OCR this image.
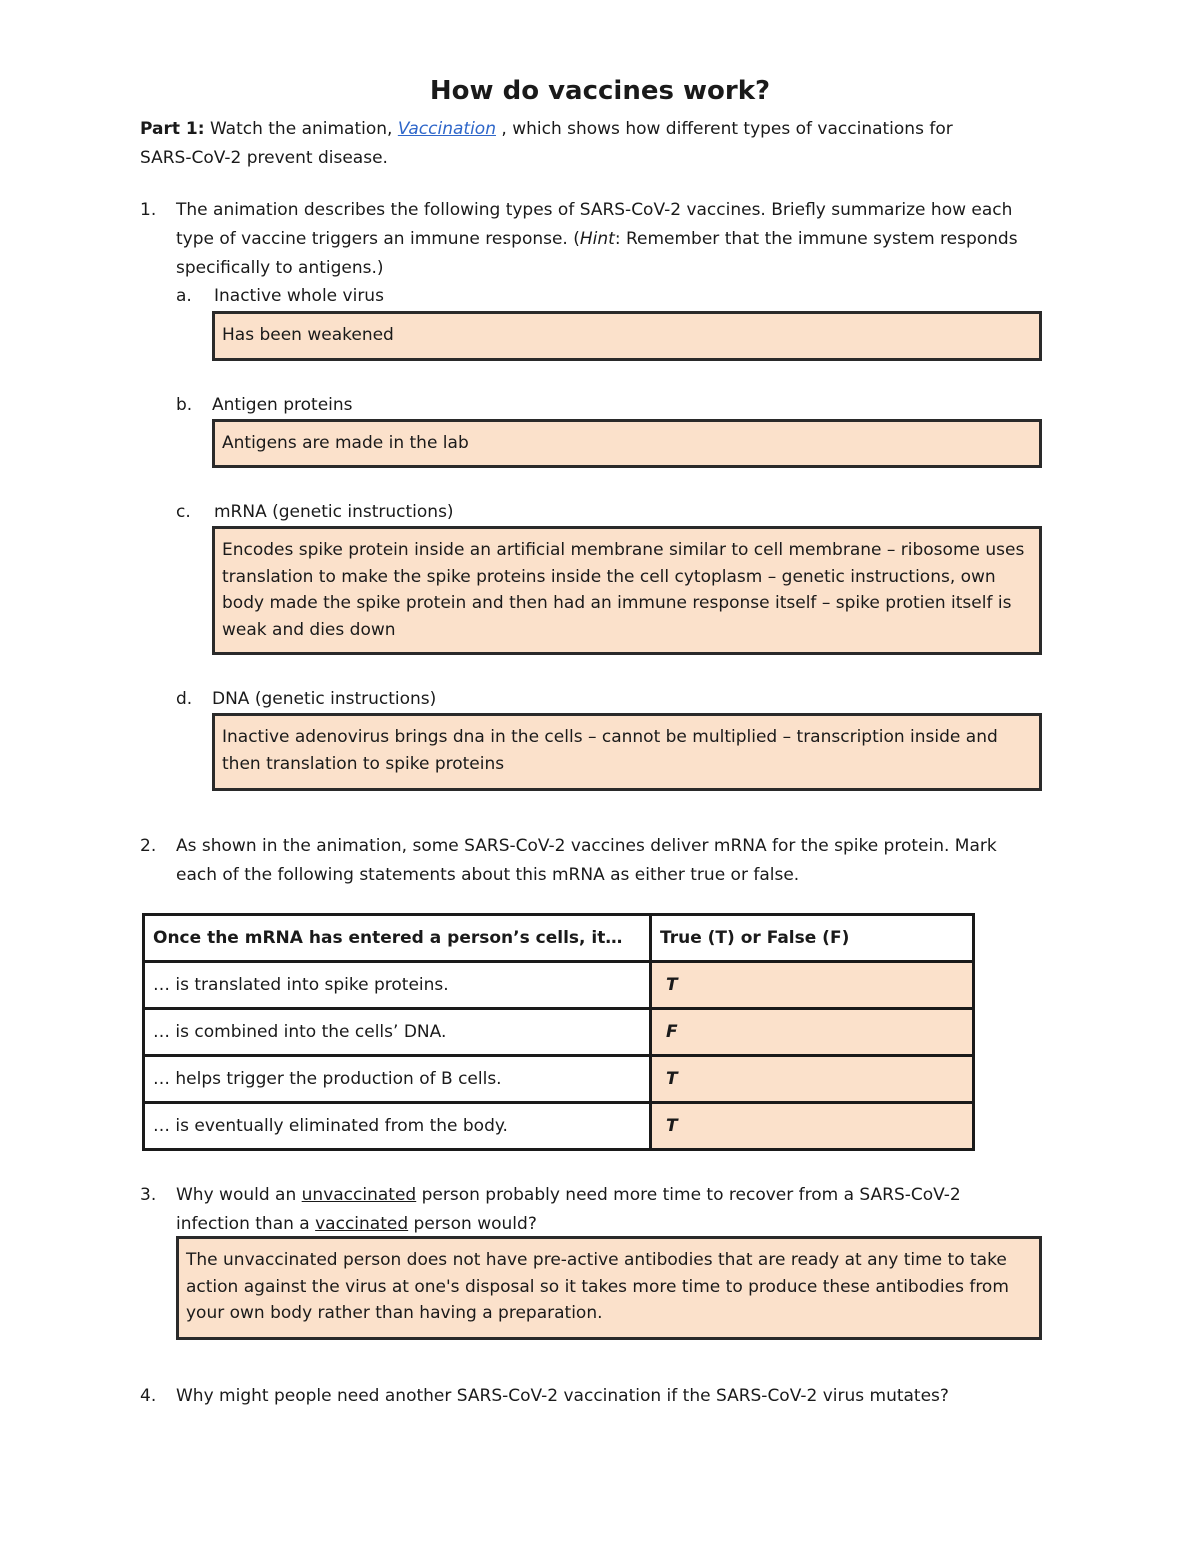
How do vaccines work?
Part 1: Watch the animation, Vaccination , which shows how different types of vaccinations for
SARS-CoV-2 prevent disease.
1. The animation describes the following types of SARS-CoV-2 vaccines. Briefly summarize how each
type of vaccine triggers an immune response. (Hint: Remember that the immune system responds
specifically to antigens.)
a. Inactive whole virus
Has been weakened
b. Antigen proteins
Antigens are made in the lab
c. mRNA (genetic instructions)
Encodes spike protein inside an artificial membrane similar to cell membrane – ribosome uses translation to make the spike proteins inside the cell cytoplasm – genetic instructions, own body made the spike protein and then had an immune response itself – spike protien itself is weak and dies down
d. DNA (genetic instructions)
Inactive adenovirus brings dna in the cells – cannot be multiplied – transcription inside and then translation to spike proteins
2. As shown in the animation, some SARS-CoV-2 vaccines deliver mRNA for the spike protein. Mark
each of the following statements about this mRNA as either true or false.
Once the mRNA has entered a person’s cells, it…	True (T) or False (F)
… is translated into spike proteins.	T
… is combined into the cells’ DNA.	F
… helps trigger the production of B cells.	T
… is eventually eliminated from the body.	T
3. Why would an unvaccinated person probably need more time to recover from a SARS-CoV-2
infection than a vaccinated person would?
The unvaccinated person does not have pre-active antibodies that are ready at any time to take action against the virus at one's disposal so it takes more time to produce these antibodies from your own body rather than having a preparation.
4. Why might people need another SARS-CoV-2 vaccination if the SARS-CoV-2 virus mutates?
